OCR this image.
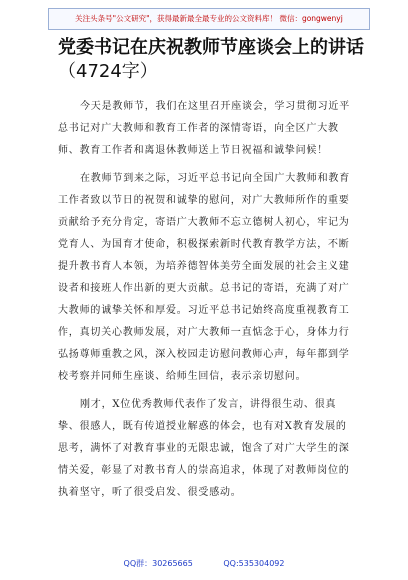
关注头条号"公文研究"，获得最新最全最专业的公文资料库！ 微信：gongwenyj
党委书记在庆祝教师节座谈会上的讲话
（4724字）

今天是教师节，我们在这里召开座谈会，学习贯彻习近平总书记对广大教师和教育工作者的深情寄语，向全区广大教师、教育工作者和离退休教师送上节日祝福和诚挚问候！

在教师节到来之际，习近平总书记向全国广大教师和教育工作者致以节日的祝贺和诚挚的慰问，对广大教师所作的重要贡献给予充分肯定，寄语广大教师不忘立德树人初心，牢记为党育人、为国育才使命，积极探索新时代教育教学方法，不断提升教书育人本领，为培养德智体美劳全面发展的社会主义建设者和接班人作出新的更大贡献。总书记的寄语，充满了对广大教师的诚挚关怀和厚爱。习近平总书记始终高度重视教育工作，真切关心教师发展，对广大教师一直惦念于心，身体力行弘扬尊师重教之风，深入校园走访慰问教师心声，每年都到学校考察并同师生座谈、给师生回信，表示亲切慰问。

刚才，X位优秀教师代表作了发言，讲得很生动、很真挚、很感人，既有传道授业解惑的体会，也有对X教育发展的思考，满怀了对教育事业的无限忠诚，饱含了对广大学生的深情关爱，彰显了对教书育人的崇高追求，体现了对教师岗位的执着坚守，听了很受启发、很受感动。

QQ群：30265665	QQ:535304092
